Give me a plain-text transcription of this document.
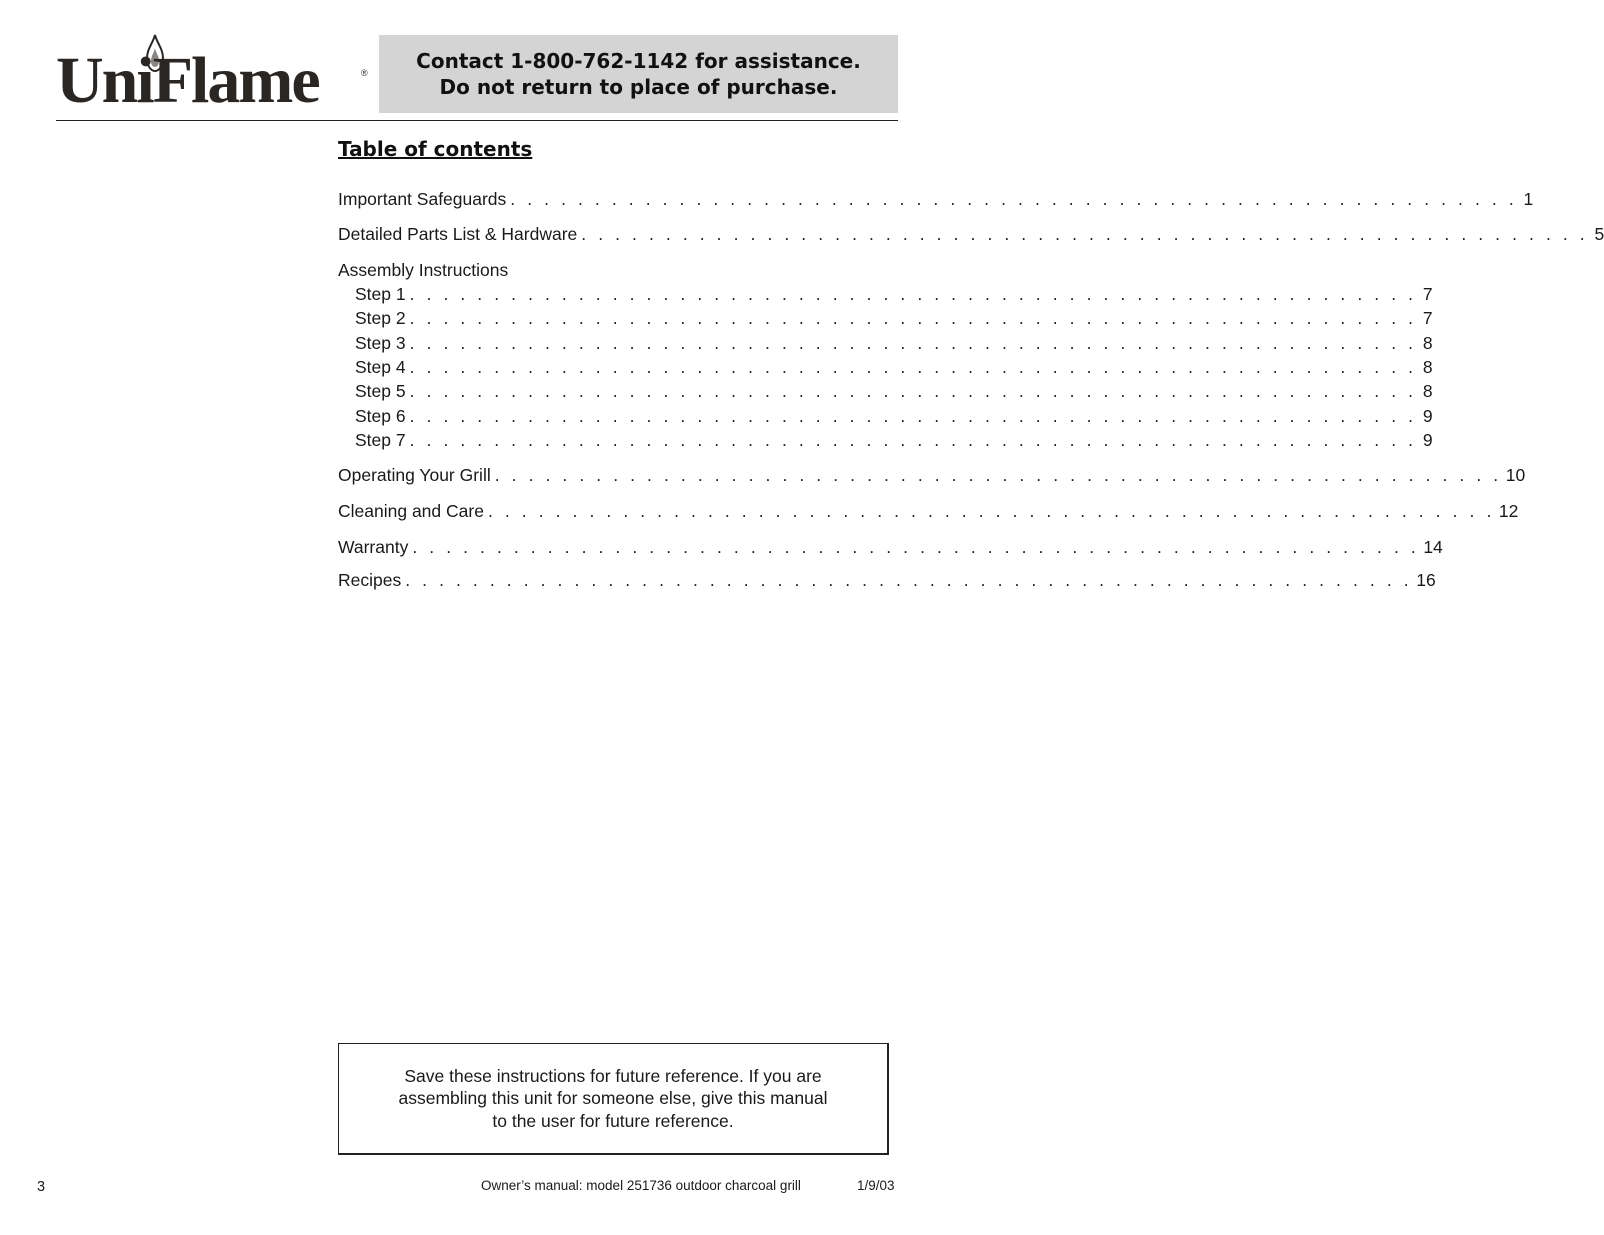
UniFlame	® Contact 1-800-762-1142 for assistance.
Do not return to place of purchase.
Table of contents
Important Safeguards . . . . . . . . . . . . . . . . . . . . . . . . . . . . . . . . . . . . . . . . . . . . . . . . . . . . . . . . . . . . 1
Detailed Parts List & Hardware . . . . . . . . . . . . . . . . . . . . . . . . . . . . . . . . . . . . . . . . . . . . . . . . . . . . . . . . . . . . 5
Assembly Instructions
Step 1 . . . . . . . . . . . . . . . . . . . . . . . . . . . . . . . . . . . . . . . . . . . . . . . . . . . . . . . . . . . . 7
Step 2 . . . . . . . . . . . . . . . . . . . . . . . . . . . . . . . . . . . . . . . . . . . . . . . . . . . . . . . . . . . . 7
Step 3 . . . . . . . . . . . . . . . . . . . . . . . . . . . . . . . . . . . . . . . . . . . . . . . . . . . . . . . . . . . . 8
Step 4 . . . . . . . . . . . . . . . . . . . . . . . . . . . . . . . . . . . . . . . . . . . . . . . . . . . . . . . . . . . . 8
Step 5 . . . . . . . . . . . . . . . . . . . . . . . . . . . . . . . . . . . . . . . . . . . . . . . . . . . . . . . . . . . . 8
Step 6 . . . . . . . . . . . . . . . . . . . . . . . . . . . . . . . . . . . . . . . . . . . . . . . . . . . . . . . . . . . . 9
Step 7 . . . . . . . . . . . . . . . . . . . . . . . . . . . . . . . . . . . . . . . . . . . . . . . . . . . . . . . . . . . . 9
Operating Your Grill . . . . . . . . . . . . . . . . . . . . . . . . . . . . . . . . . . . . . . . . . . . . . . . . . . . . . . . . . . . . 10
Cleaning and Care . . . . . . . . . . . . . . . . . . . . . . . . . . . . . . . . . . . . . . . . . . . . . . . . . . . . . . . . . . . . 12
Warranty . . . . . . . . . . . . . . . . . . . . . . . . . . . . . . . . . . . . . . . . . . . . . . . . . . . . . . . . . . . . 14
Recipes . . . . . . . . . . . . . . . . . . . . . . . . . . . . . . . . . . . . . . . . . . . . . . . . . . . . . . . . . . . . 16
Save these instructions for future reference. If you are
assembling this unit for someone else, give this manual
to the user for future reference.
3	Owner’s manual: model 251736 outdoor charcoal grill	1/9/03
